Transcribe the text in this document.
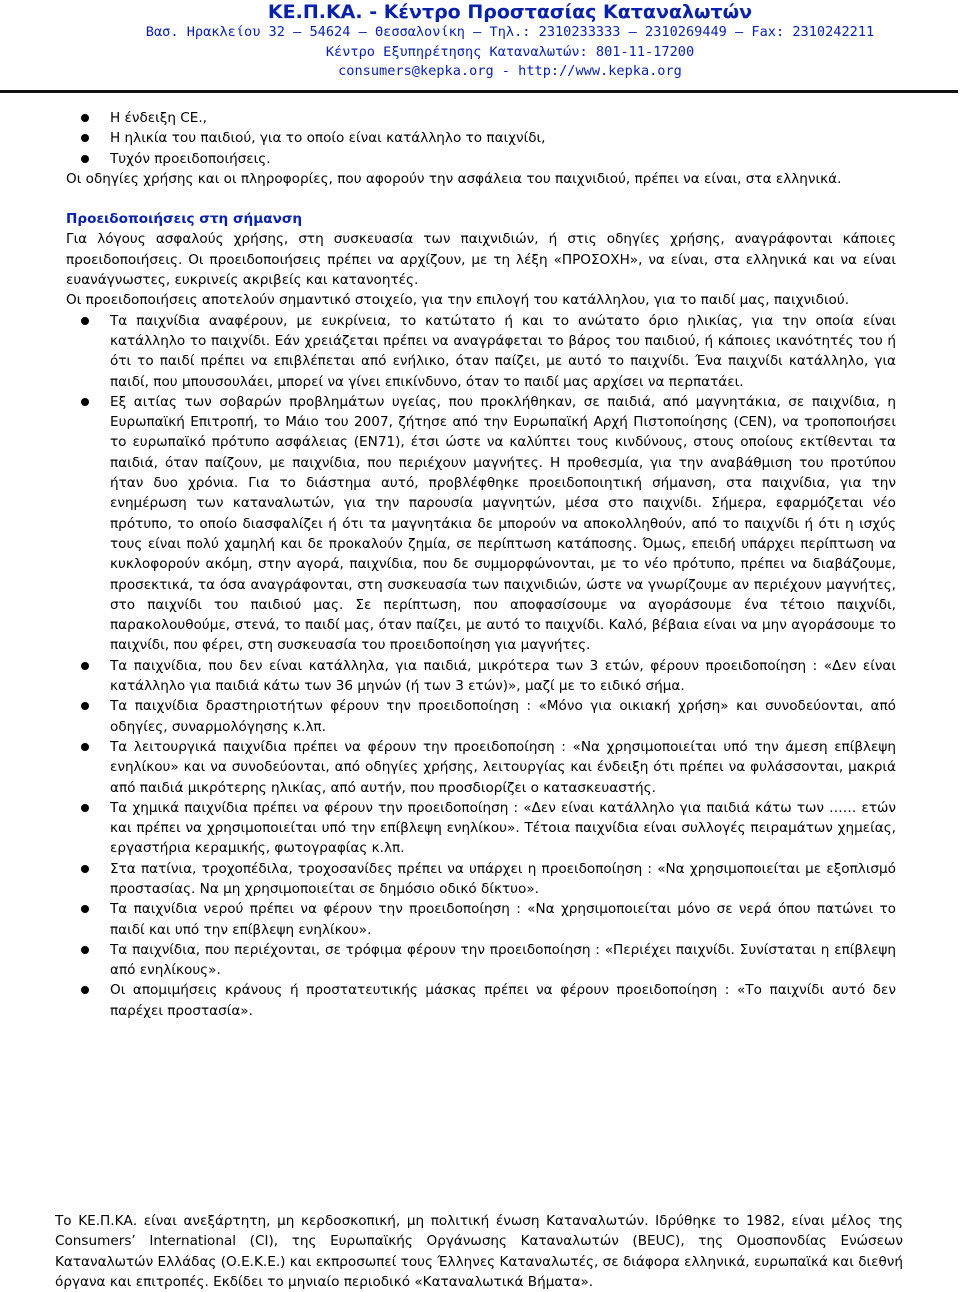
ΚΕ.Π.ΚΑ. - Κέντρο Προστασίας Καταναλωτών
Βασ. Ηρακλείου 32 – 54624 – Θεσσαλονίκη – Τηλ.: 2310233333 – 2310269449 – Fax: 2310242211
Κέντρο Εξυπηρέτησης Καταναλωτών: 801-11-17200
consumers@kepka.org - http://www.kepka.org
Η ένδειξη CE.,
Η ηλικία του παιδιού, για το οποίο είναι κατάλληλο το παιχνίδι,
Τυχόν προειδοποιήσεις.

Οι οδηγίες χρήσης και οι πληροφορίες, που αφορούν την ασφάλεια του παιχνιδιού, πρέπει να είναι, στα ελληνικά.

Προειδοποιήσεις στη σήμανση

Για λόγους ασφαλούς χρήσης, στη συσκευασία των παιχνιδιών, ή στις οδηγίες χρήσης, αναγράφονται κάποιες προειδοποιήσεις. Οι προειδοποιήσεις πρέπει να αρχίζουν, με τη λέξη «ΠΡΟΣΟΧΗ», να είναι, στα ελληνικά και να είναι ευανάγνωστες, ευκρινείς ακριβείς και κατανοητές.

Οι προειδοποιήσεις αποτελούν σημαντικό στοιχείο, για την επιλογή του κατάλληλου, για το παιδί μας, παιχνιδιού.

Τα παιχνίδια αναφέρουν, με ευκρίνεια, το κατώτατο ή και το ανώτατο όριο ηλικίας, για την οποία είναι κατάλληλο το παιχνίδι. Εάν χρειάζεται πρέπει να αναγράφεται το βάρος του παιδιού, ή κάποιες ικανότητές του ή ότι το παιδί πρέπει να επιβλέπεται από ενήλικο, όταν παίζει, με αυτό το παιχνίδι. Ένα παιχνίδι κατάλληλο, για παιδί, που μπουσουλάει, μπορεί να γίνει επικίνδυνο, όταν το παιδί μας αρχίσει να περπατάει.
Εξ αιτίας των σοβαρών προβλημάτων υγείας, που προκλήθηκαν, σε παιδιά, από μαγνητάκια, σε παιχνίδια, η Ευρωπαϊκή Επιτροπή, το Μάιο του 2007, ζήτησε από την Ευρωπαϊκή Αρχή Πιστοποίησης (CEN), να τροποποιήσει το ευρωπαϊκό πρότυπο ασφάλειας (ΕΝ71), έτσι ώστε να καλύπτει τους κινδύνους, στους οποίους εκτίθενται τα παιδιά, όταν παίζουν, με παιχνίδια, που περιέχουν μαγνήτες. Η προθεσμία, για την αναβάθμιση του προτύπου ήταν δυο χρόνια. Για το διάστημα αυτό, προβλέφθηκε προειδοποιητική σήμανση, στα παιχνίδια, για την ενημέρωση των καταναλωτών, για την παρουσία μαγνητών, μέσα στο παιχνίδι. Σήμερα, εφαρμόζεται νέο πρότυπο, το οποίο διασφαλίζει ή ότι τα μαγνητάκια δε μπορούν να αποκολληθούν, από το παιχνίδι ή ότι η ισχύς τους είναι πολύ χαμηλή και δε προκαλούν ζημία, σε περίπτωση κατάποσης. Όμως, επειδή υπάρχει περίπτωση να κυκλοφορούν ακόμη, στην αγορά, παιχνίδια, που δε συμμορφώνονται, με το νέο πρότυπο, πρέπει να διαβάζουμε, προσεκτικά, τα όσα αναγράφονται, στη συσκευασία των παιχνιδιών, ώστε να γνωρίζουμε αν περιέχουν μαγνήτες, στο παιχνίδι του παιδιού μας. Σε περίπτωση, που αποφασίσουμε να αγοράσουμε ένα τέτοιο παιχνίδι, παρακολουθούμε, στενά, το παιδί μας, όταν παίζει, με αυτό το παιχνίδι. Καλό, βέβαια είναι να μην αγοράσουμε το παιχνίδι, που φέρει, στη συσκευασία του προειδοποίηση για μαγνήτες.
Τα παιχνίδια, που δεν είναι κατάλληλα, για παιδιά, μικρότερα των 3 ετών, φέρουν προειδοποίηση : «Δεν είναι κατάλληλο για παιδιά κάτω των 36 μηνών (ή των 3 ετών)», μαζί με το ειδικό σήμα.
Τα παιχνίδια δραστηριοτήτων φέρουν την προειδοποίηση : «Μόνο για οικιακή χρήση» και συνοδεύονται, από οδηγίες, συναρμολόγησης κ.λπ.
Τα λειτουργικά παιχνίδια πρέπει να φέρουν την προειδοποίηση : «Να χρησιμοποιείται υπό την άμεση επίβλεψη ενηλίκου» και να συνοδεύονται, από οδηγίες χρήσης, λειτουργίας και ένδειξη ότι πρέπει να φυλάσσονται, μακριά από παιδιά μικρότερης ηλικίας, από αυτήν, που προσδιορίζει ο κατασκευαστής.
Τα χημικά παιχνίδια πρέπει να φέρουν την προειδοποίηση : «Δεν είναι κατάλληλο για παιδιά κάτω των …… ετών και πρέπει να χρησιμοποιείται υπό την επίβλεψη ενηλίκου». Τέτοια παιχνίδια είναι συλλογές πειραμάτων χημείας, εργαστήρια κεραμικής, φωτογραφίας κ.λπ.
Στα πατίνια, τροχοπέδιλα, τροχοσανίδες πρέπει να υπάρχει η προειδοποίηση : «Να χρησιμοποιείται με εξοπλισμό προστασίας. Να μη χρησιμοποιείται σε δημόσιο οδικό δίκτυο».
Τα παιχνίδια νερού πρέπει να φέρουν την προειδοποίηση : «Να χρησιμοποιείται μόνο σε νερά όπου πατώνει το παιδί και υπό την επίβλεψη ενηλίκου».
Τα παιχνίδια, που περιέχονται, σε τρόφιμα φέρουν την προειδοποίηση : «Περιέχει παιχνίδι. Συνίσταται η επίβλεψη από ενηλίκους».
Οι απομιμήσεις κράνους ή προστατευτικής μάσκας πρέπει να φέρουν προειδοποίηση : «Το παιχνίδι αυτό δεν παρέχει προστασία».
Το ΚΕ.Π.ΚΑ. είναι ανεξάρτητη, μη κερδοσκοπική, μη πολιτική ένωση Καταναλωτών. Ιδρύθηκε το 1982, είναι μέλος της Consumers’ International (CI), της Ευρωπαϊκής Οργάνωσης Καταναλωτών (BEUC), της Ομοσπονδίας Ενώσεων Καταναλωτών Ελλάδας (Ο.Ε.Κ.Ε.) και εκπροσωπεί τους Έλληνες Καταναλωτές, σε διάφορα ελληνικά, ευρωπαϊκά και διεθνή όργανα και επιτροπές. Εκδίδει το μηνιαίο περιοδικό «Καταναλωτικά Βήματα».
